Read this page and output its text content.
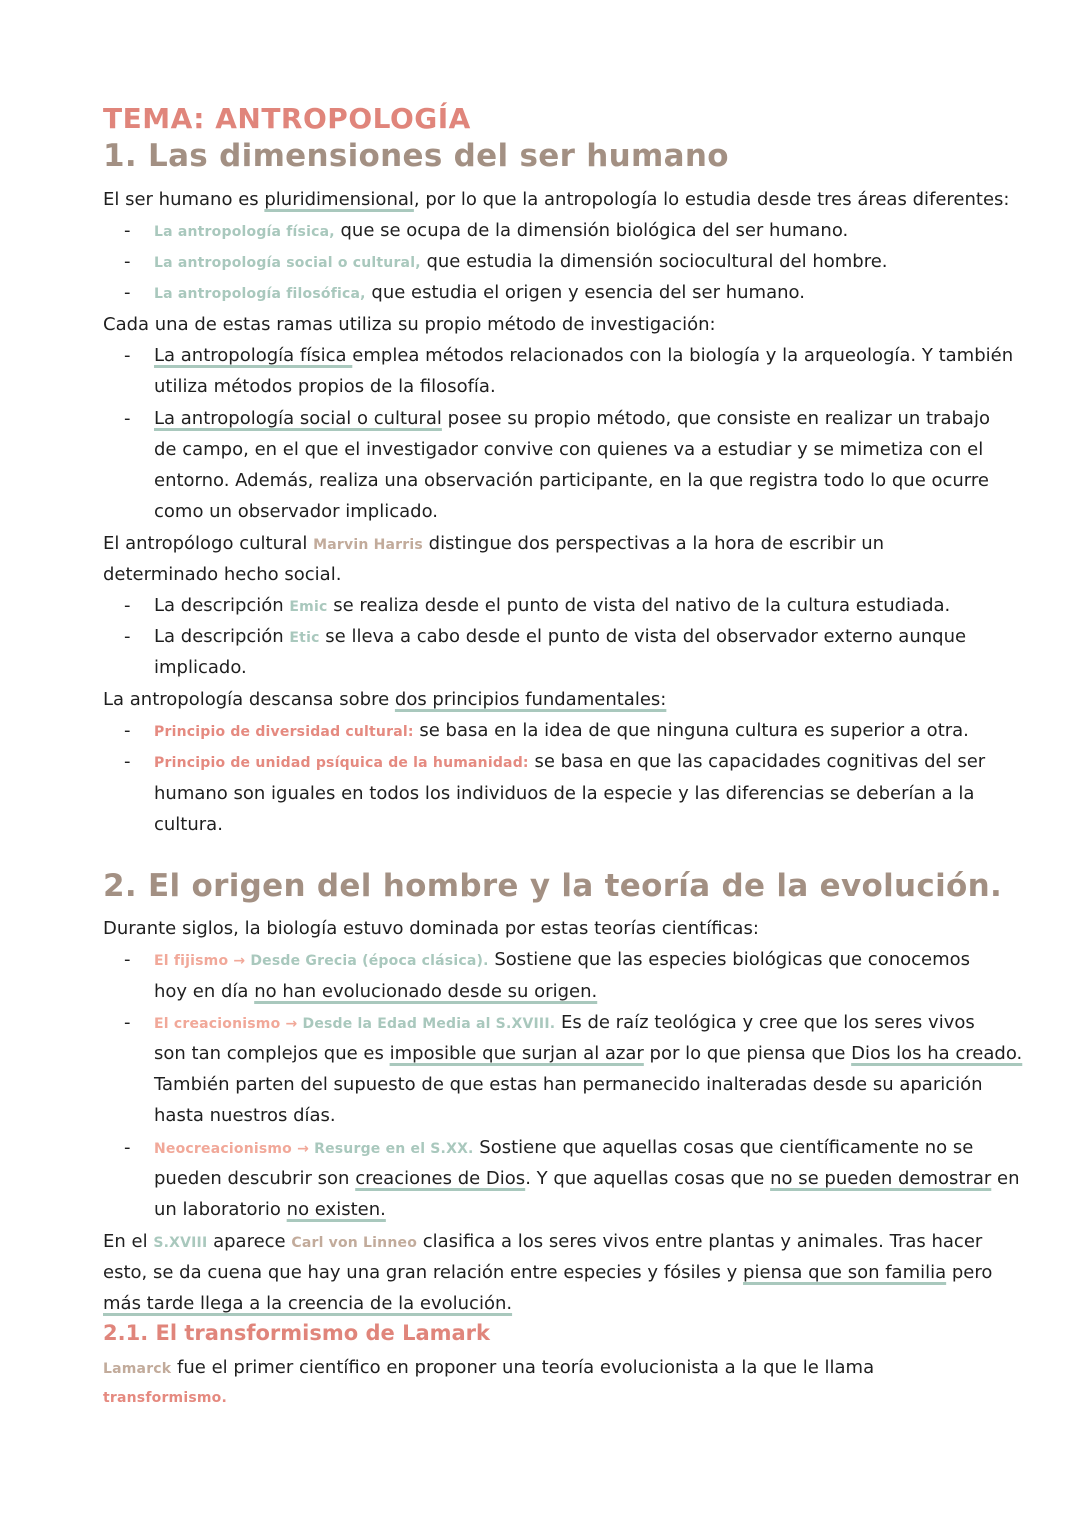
TEMA: ANTROPOLOGÍA
1. Las dimensiones del ser humano

El ser humano es pluridimensional, por lo que la antropología lo estudia desde tres áreas diferentes:

- La antropología física, que se ocupa de la dimensión biológica del ser humano.
- La antropología social o cultural, que estudia la dimensión sociocultural del hombre.
- La antropología filosófica, que estudia el origen y esencia del ser humano.

Cada una de estas ramas utiliza su propio método de investigación:

- La antropología física emplea métodos relacionados con la biología y la arqueología. Y también
utiliza métodos propios de la filosofía.
- La antropología social o cultural posee su propio método, que consiste en realizar un trabajo
de campo, en el que el investigador convive con quienes va a estudiar y se mimetiza con el
entorno. Además, realiza una observación participante, en la que registra todo lo que ocurre
como un observador implicado.

El antropólogo cultural Marvin Harris distingue dos perspectivas a la hora de escribir un

determinado hecho social.

- La descripción Emic se realiza desde el punto de vista del nativo de la cultura estudiada.
- La descripción Etic se lleva a cabo desde el punto de vista del observador externo aunque
implicado.

La antropología descansa sobre dos principios fundamentales:

- Principio de diversidad cultural: se basa en la idea de que ninguna cultura es superior a otra.
- Principio de unidad psíquica de la humanidad: se basa en que las capacidades cognitivas del ser
humano son iguales en todos los individuos de la especie y las diferencias se deberían a la
cultura.
2. El origen del hombre y la teoría de la evolución.

Durante siglos, la biología estuvo dominada por estas teorías científicas:

- El fijismo → Desde Grecia (época clásica). Sostiene que las especies biológicas que conocemos
hoy en día no han evolucionado desde su origen.
- El creacionismo → Desde la Edad Media al S.XVIII. Es de raíz teológica y cree que los seres vivos
son tan complejos que es imposible que surjan al azar por lo que piensa que Dios los ha creado.
También parten del supuesto de que estas han permanecido inalteradas desde su aparición
hasta nuestros días.
- Neocreacionismo → Resurge en el S.XX. Sostiene que aquellas cosas que científicamente no se
pueden descubrir son creaciones de Dios. Y que aquellas cosas que no se pueden demostrar en
un laboratorio no existen.

En el S.XVIII aparece Carl von Linneo clasifica a los seres vivos entre plantas y animales. Tras hacer

esto, se da cuena que hay una gran relación entre especies y fósiles y piensa que son familia pero

más tarde llega a la creencia de la evolución.

2.1. El transformismo de Lamark

Lamarck fue el primer científico en proponer una teoría evolucionista a la que le llama

transformismo.
